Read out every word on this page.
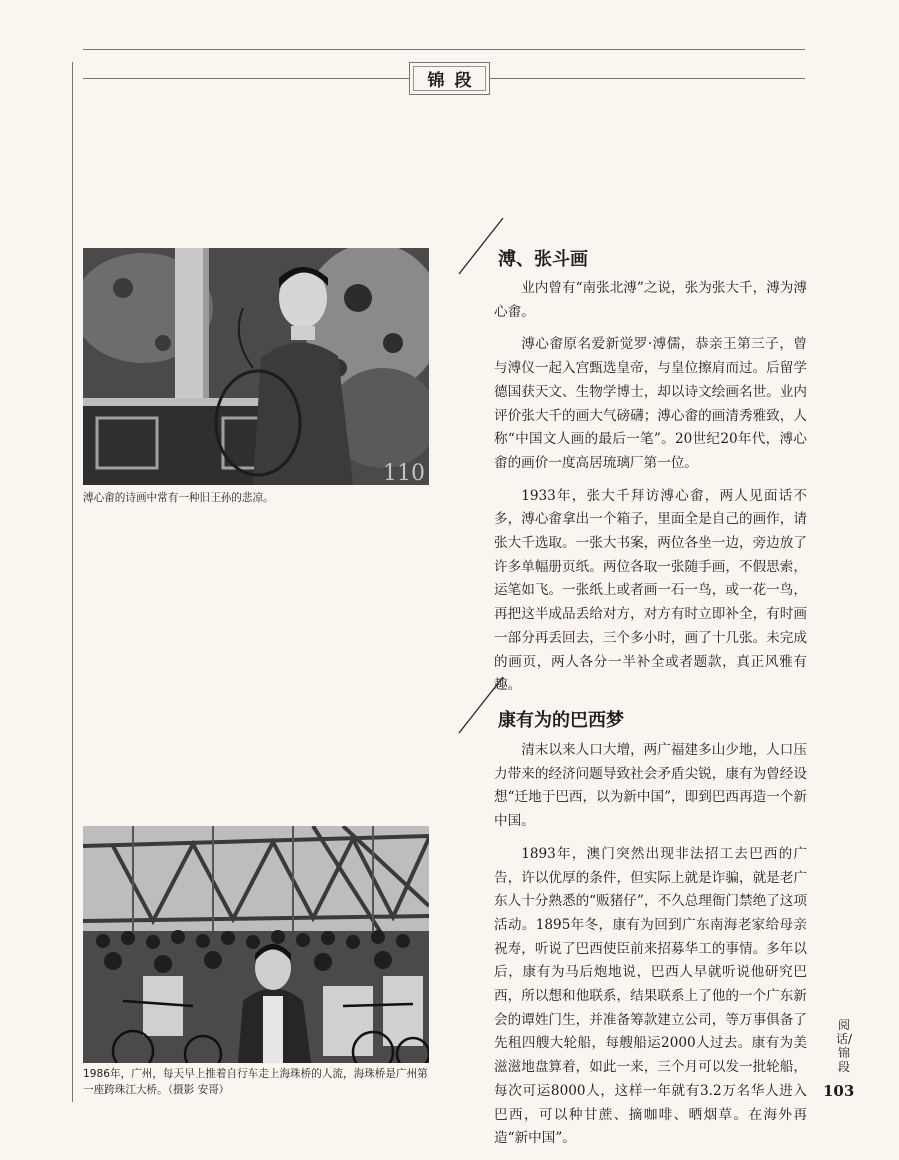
锦段
溥、张斗画

业内曾有“南张北溥”之说，张为张大千，溥为溥心畬。

溥心畬原名爱新觉罗·溥儒，恭亲王第三子，曾与溥仪一起入宫甄选皇帝，与皇位擦肩而过。后留学德国获天文、生物学博士，却以诗文绘画名世。业内评价张大千的画大气磅礴；溥心畬的画清秀雅致，人称“中国文人画的最后一笔”。20世纪20年代，溥心畬的画价一度高居琉璃厂第一位。

1933年，张大千拜访溥心畬，两人见面话不多，溥心畬拿出一个箱子，里面全是自己的画作，请张大千选取。一张大书案，两位各坐一边，旁边放了许多单幅册页纸。两位各取一张随手画，不假思索，运笔如飞。一张纸上或者画一石一鸟，或一花一鸟，再把这半成品丢给对方，对方有时立即补全，有时画一部分再丢回去，三个多小时，画了十几张。未完成的画页，两人各分一半补全或者题款，真正风雅有趣。

康有为的巴西梦

清末以来人口大增，两广福建多山少地，人口压力带来的经济问题导致社会矛盾尖锐，康有为曾经设想“迁地于巴西，以为新中国”，即到巴西再造一个新中国。

1893年，澳门突然出现非法招工去巴西的广告，许以优厚的条件，但实际上就是诈骗，就是老广东人十分熟悉的“贩猪仔”，不久总理衙门禁绝了这项活动。1895年冬，康有为回到广东南海老家给母亲祝寿，听说了巴西使臣前来招募华工的事情。多年以后，康有为马后炮地说，巴西人早就听说他研究巴西，所以想和他联系，结果联系上了他的一个广东新会的谭姓门生，并准备筹款建立公司，等万事俱备了先租四艘大轮船，每艘船运2000人过去。康有为美滋滋地盘算着，如此一来，三个月可以发一批轮船，每次可运8000人，这样一年就有3.2万名华人进入巴西，可以种甘蔗、摘咖啡、晒烟草。在海外再造“新中国”。

110
溥心畬的诗画中常有一种旧王孙的悲凉。
1986年，广州，每天早上推着自行车走上海珠桥的人流，海珠桥是广州第一座跨珠江大桥。（摄影 安哥）
阅话/锦段
103
